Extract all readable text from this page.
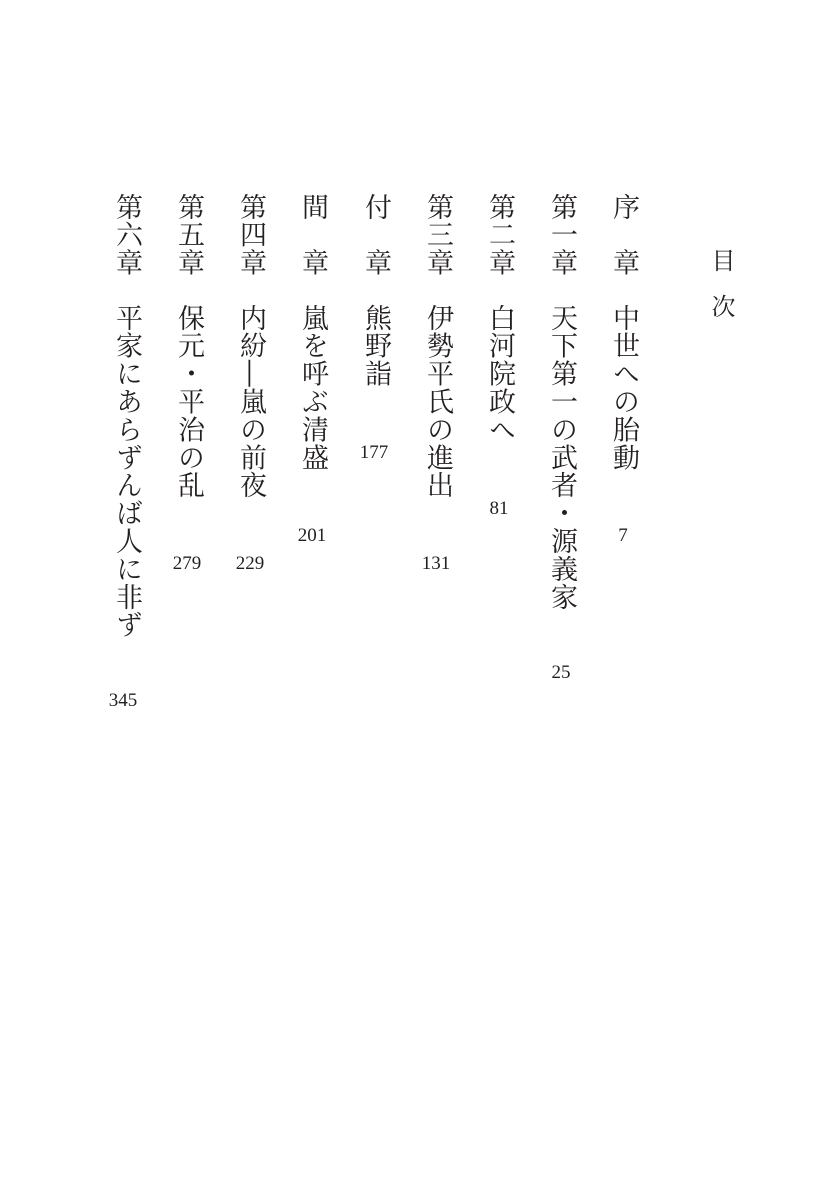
目次
序　章中世への胎動
7
第一章天下第一の武者・源義家
25
第二章白河院政へ
81
第三章伊勢平氏の進出
131
付　章熊野詣
177
間　章嵐を呼ぶ清盛
201
第四章内紛―嵐の前夜
229
第五章保元・平治の乱
279
第六章平家にあらずんば人に非ず
345
